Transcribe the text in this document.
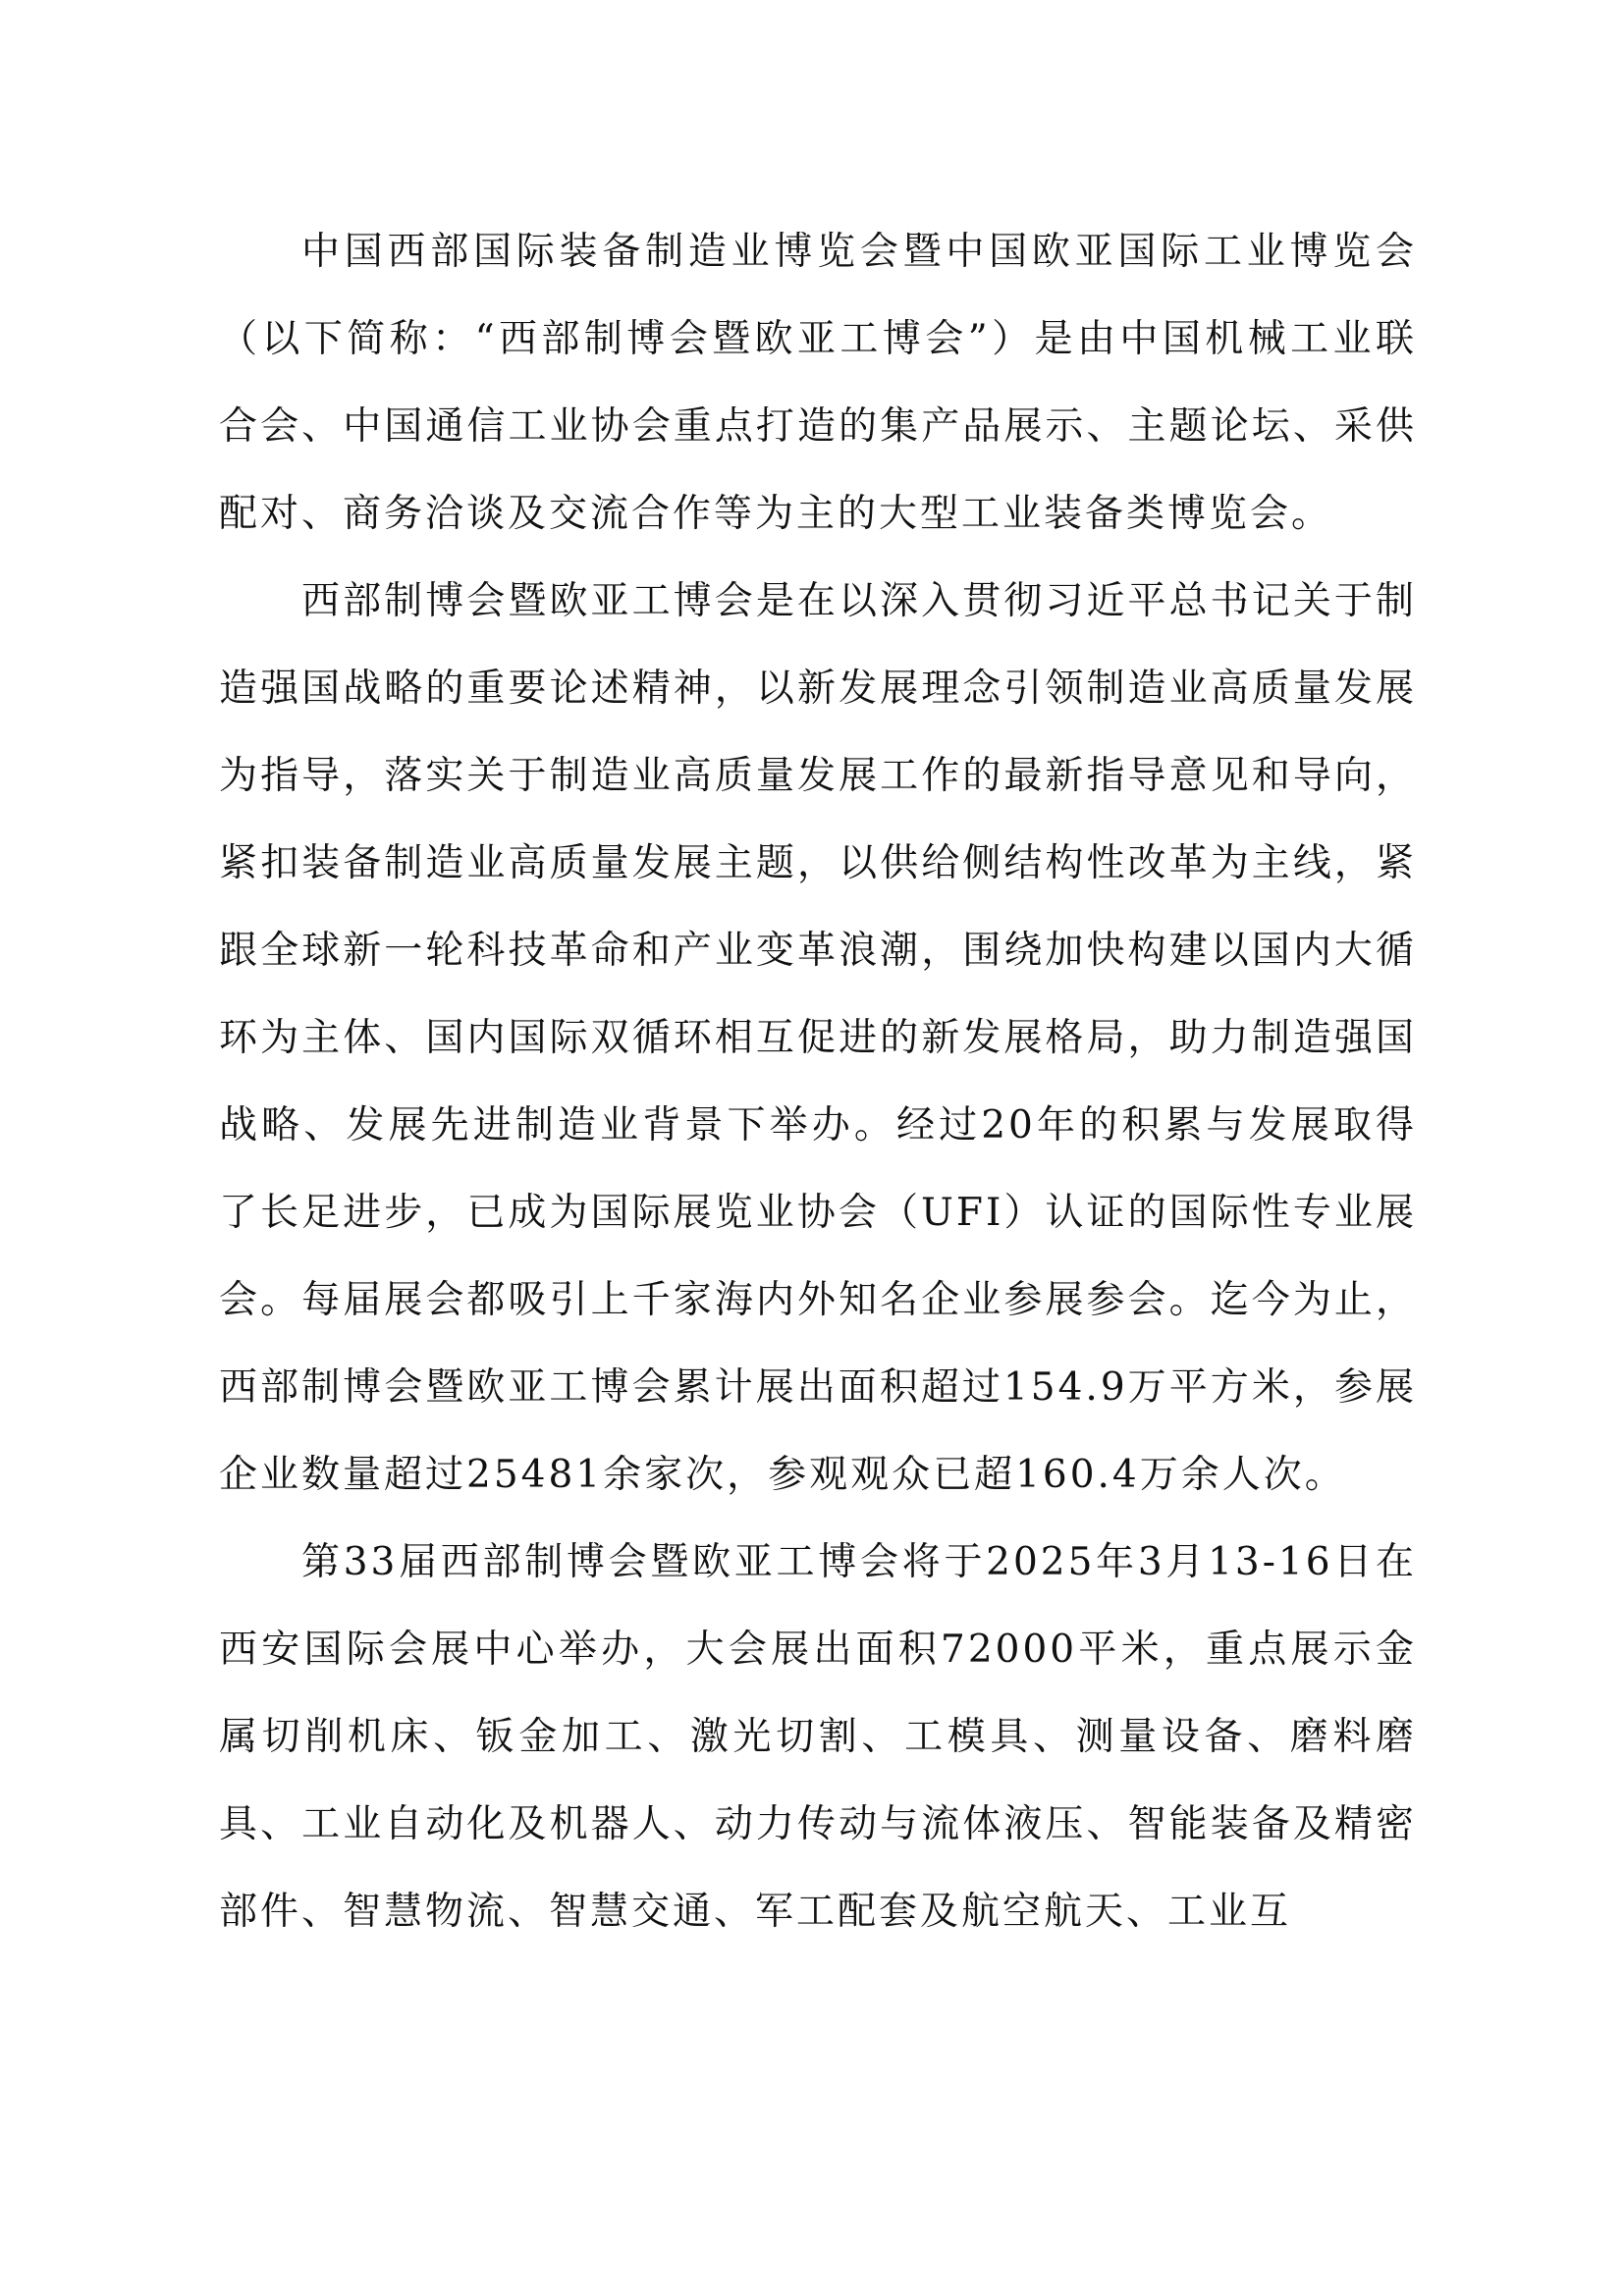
中国西部国际装备制造业博览会暨中国欧亚国际工业博览会（以下简称：“西部制博会暨欧亚工博会”）是由中国机械工业联合会、中国通信工业协会重点打造的集产品展示、主题论坛、采供配对、商务洽谈及交流合作等为主的大型工业装备类博览会。

西部制博会暨欧亚工博会是在以深入贯彻习近平总书记关于制造强国战略的重要论述精神，以新发展理念引领制造业高质量发展为指导，落实关于制造业高质量发展工作的最新指导意见和导向，紧扣装备制造业高质量发展主题，以供给侧结构性改革为主线，紧跟全球新一轮科技革命和产业变革浪潮，围绕加快构建以国内大循环为主体、国内国际双循环相互促进的新发展格局，助力制造强国战略、发展先进制造业背景下举办。经过20年的积累与发展取得了长足进步，已成为国际展览业协会（UFI）认证的国际性专业展会。每届展会都吸引上千家海内外知名企业参展参会。迄今为止，西部制博会暨欧亚工博会累计展出面积超过154.9万平方米，参展企业数量超过25481余家次，参观观众已超160.4万余人次。

第33届西部制博会暨欧亚工博会将于2025年3月13-16日在西安国际会展中心举办，大会展出面积72000平米，重点展示金属切削机床、钣金加工、激光切割、工模具、测量设备、磨料磨具、工业自动化及机器人、动力传动与流体液压、智能装备及精密部件、智慧物流、智慧交通、军工配套及航空航天、工业互
